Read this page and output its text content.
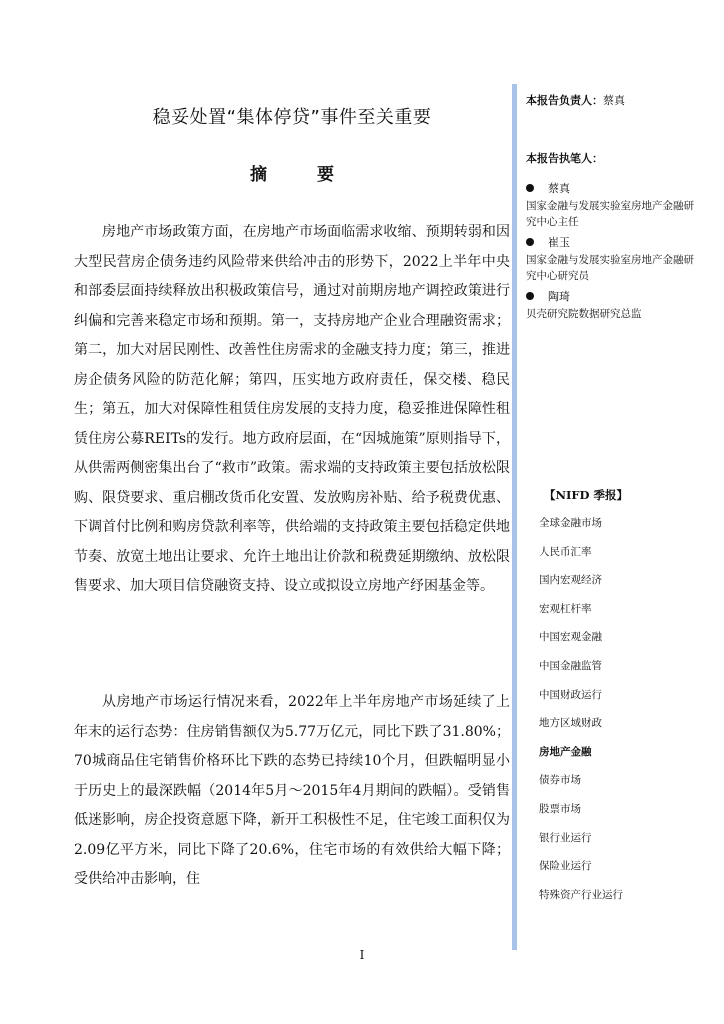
稳妥处置“集体停贷”事件至关重要
摘 要

房地产市场政策方面，在房地产市场面临需求收缩、预期转弱和因大型民营房企债务违约风险带来供给冲击的形势下，2022上半年中央和部委层面持续释放出积极政策信号，通过对前期房地产调控政策进行纠偏和完善来稳定市场和预期。第一，支持房地产企业合理融资需求；第二，加大对居民刚性、改善性住房需求的金融支持力度；第三，推进房企债务风险的防范化解；第四，压实地方政府责任，保交楼、稳民生；第五，加大对保障性租赁住房发展的支持力度，稳妥推进保障性租赁住房公募REITs的发行。地方政府层面，在“因城施策”原则指导下，从供需两侧密集出台了“救市”政策。需求端的支持政策主要包括放松限购、限贷要求、重启棚改货币化安置、发放购房补贴、给予税费优惠、下调首付比例和购房贷款利率等，供给端的支持政策主要包括稳定供地节奏、放宽土地出让要求、允许土地出让价款和税费延期缴纳、放松限售要求、加大项目信贷融资支持、设立或拟设立房地产纾困基金等。

从房地产市场运行情况来看，2022年上半年房地产市场延续了上年末的运行态势：住房销售额仅为5.77万亿元，同比下跌了31.80%；70城商品住宅销售价格环比下跌的态势已持续10个月，但跌幅明显小于历史上的最深跌幅（2014年5月～2015年4月期间的跌幅）。受销售低迷影响，房企投资意愿下降，新开工积极性不足，住宅竣工面积仅为2.09亿平方米，同比下降了20.6%，住宅市场的有效供给大幅下降；受供给冲击影响，住

本报告负责人：蔡真
本报告执笔人：
蔡真
国家金融与发展实验室房地产金融研究中心主任
崔玉
国家金融与发展实验室房地产金融研究中心研究员
陶琦
贝壳研究院数据研究总监
【NIFD 季报】
全球金融市场
人民币汇率
国内宏观经济
宏观杠杆率
中国宏观金融
中国金融监管
中国财政运行
地方区域财政
房地产金融
债券市场
股票市场
银行业运行
保险业运行
特殊资产行业运行
I
